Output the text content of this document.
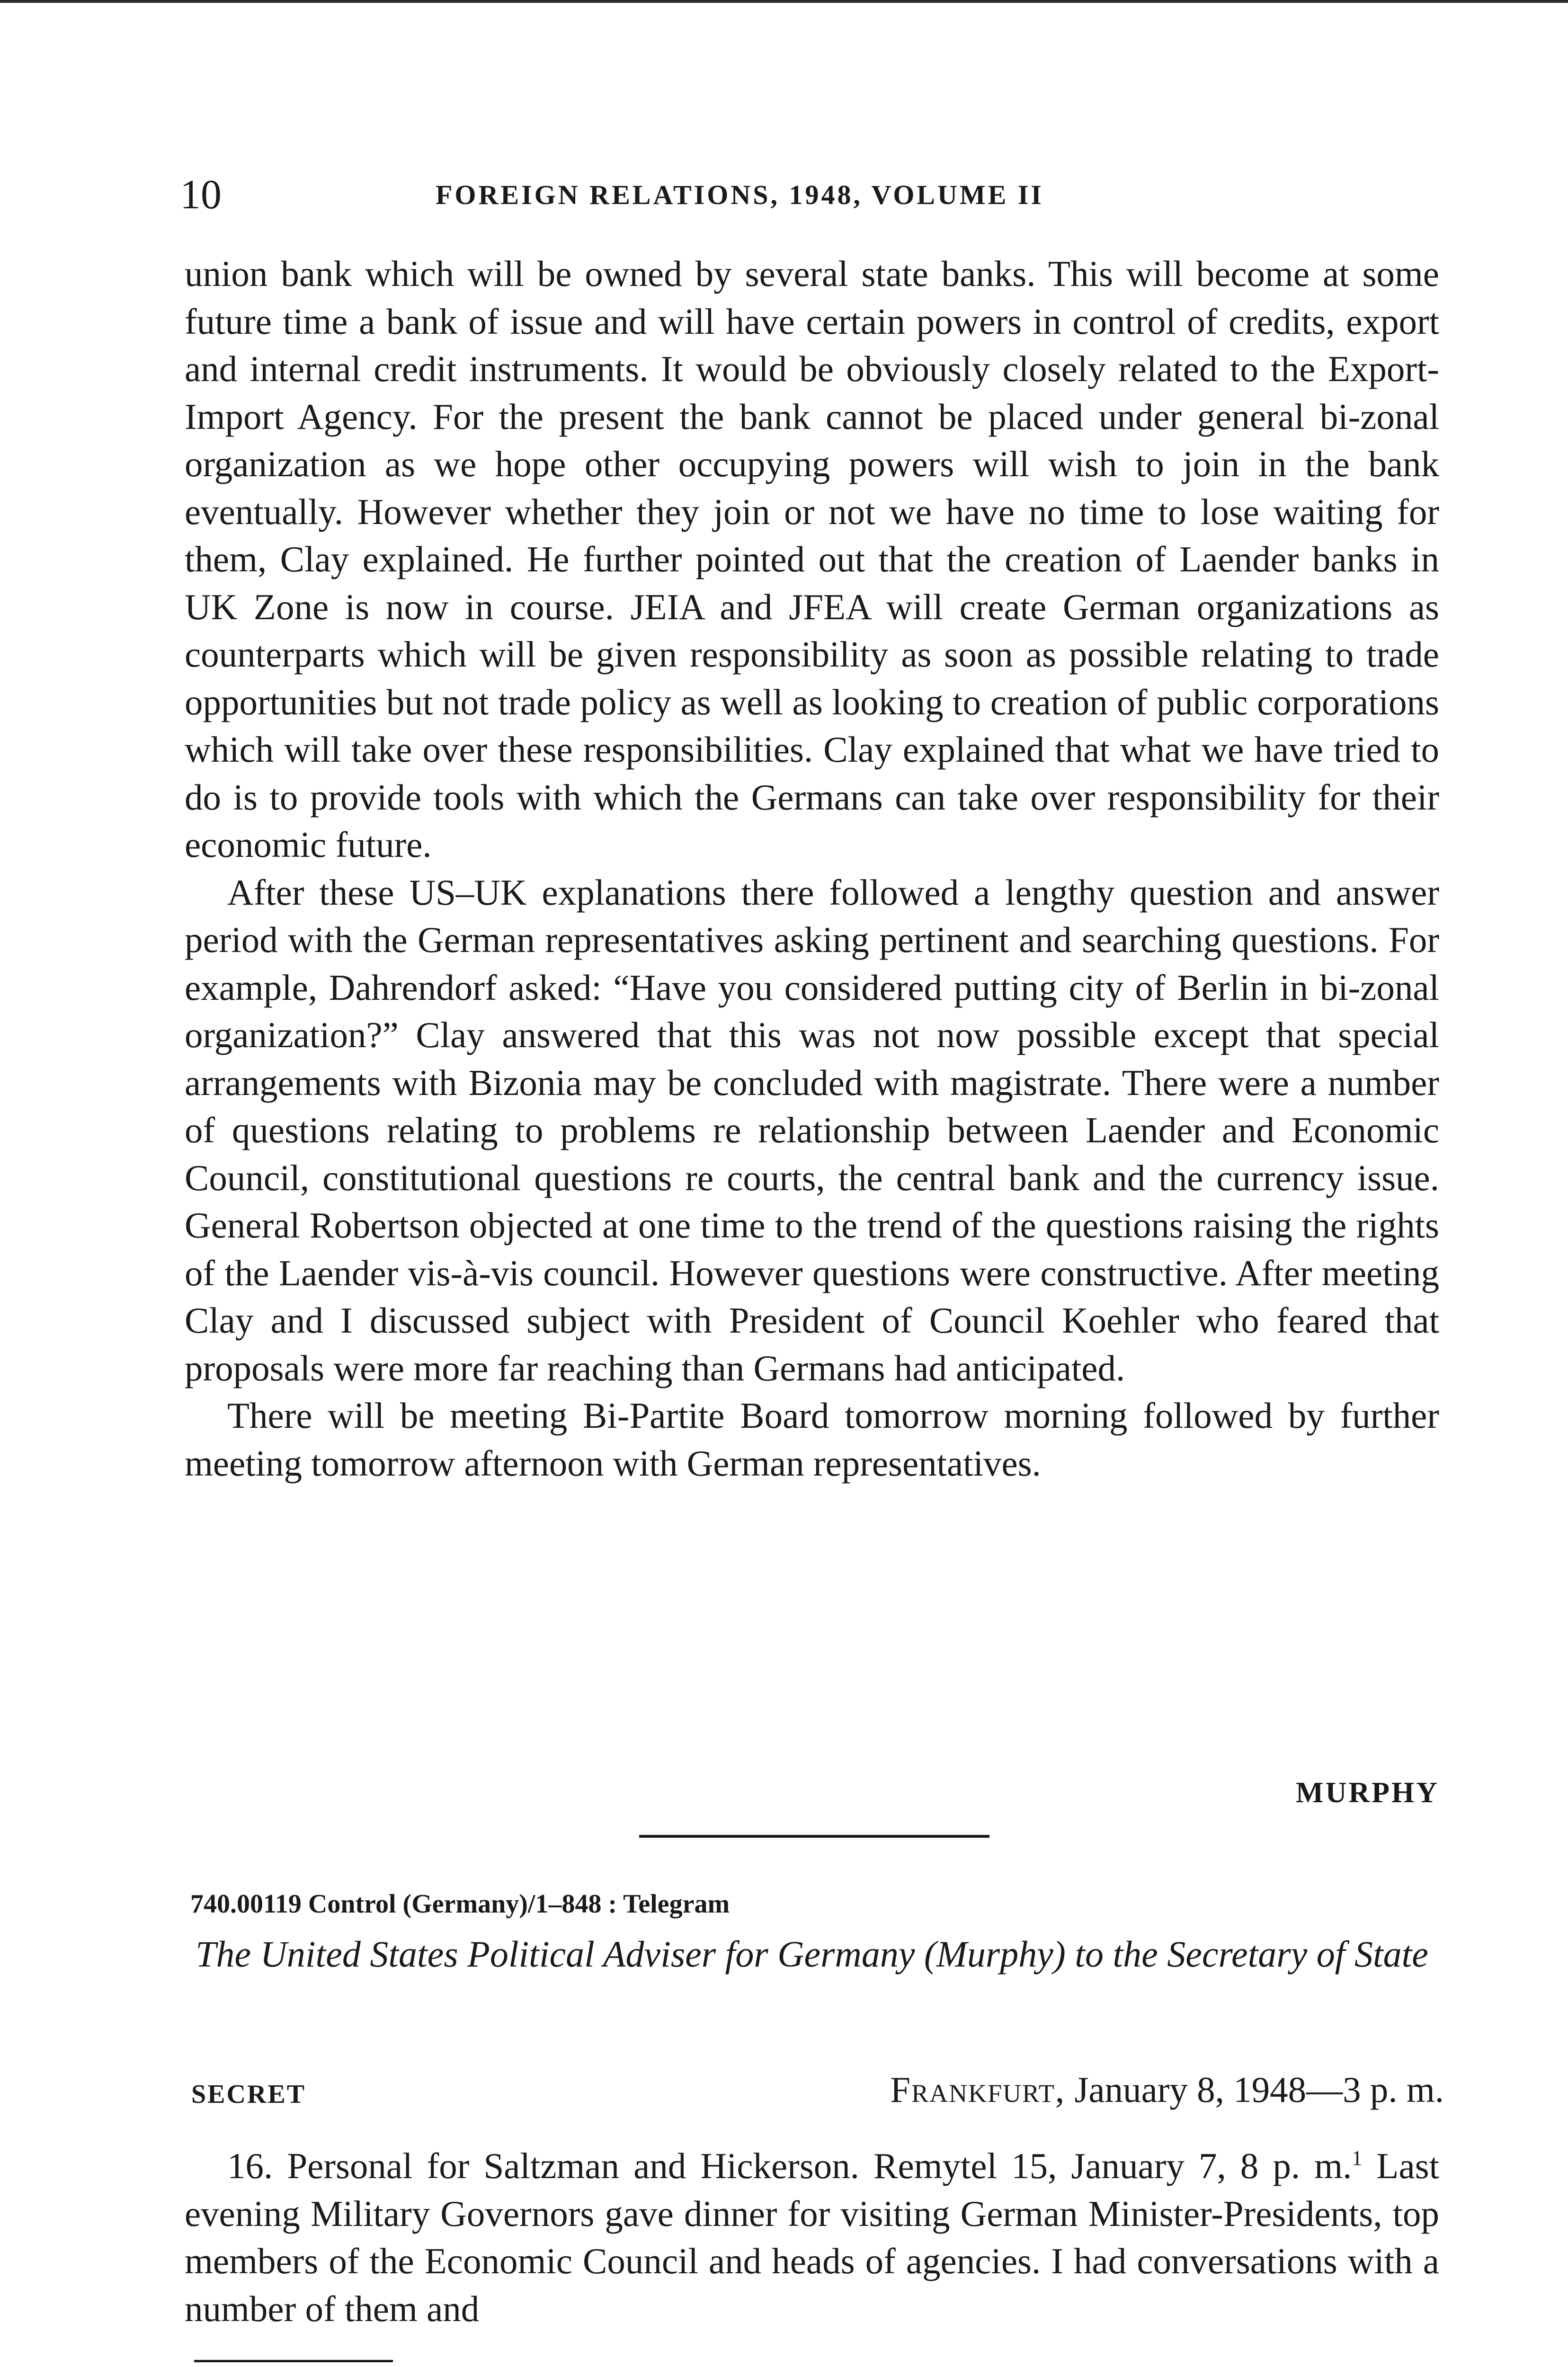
10	FOREIGN RELATIONS, 1948, VOLUME II

union bank which will be owned by several state banks. This will become at some future time a bank of issue and will have certain powers in control of credits, export and internal credit instruments. It would be obviously closely related to the Export-Import Agency. For the present the bank cannot be placed under general bi-zonal organization as we hope other occupying powers will wish to join in the bank eventually. However whether they join or not we have no time to lose waiting for them, Clay explained. He further pointed out that the creation of Laender banks in UK Zone is now in course. JEIA and JFEA will create German organizations as counterparts which will be given responsibility as soon as possible relating to trade opportunities but not trade policy as well as looking to creation of public corporations which will take over these responsibilities. Clay explained that what we have tried to do is to provide tools with which the Germans can take over responsibility for their economic future.

After these US–UK explanations there followed a lengthy question and answer period with the German representatives asking pertinent and searching questions. For example, Dahrendorf asked: “Have you considered putting city of Berlin in bi-zonal organization?” Clay answered that this was not now possible except that special arrangements with Bizonia may be concluded with magistrate. There were a number of questions relating to problems re relationship between Laender and Economic Council, constitutional questions re courts, the central bank and the currency issue. General Robertson objected at one time to the trend of the questions raising the rights of the Laender vis-à-vis council. However questions were constructive. After meeting Clay and I discussed subject with President of Council Koehler who feared that proposals were more far reaching than Germans had anticipated.

There will be meeting Bi-Partite Board tomorrow morning followed by further meeting tomorrow afternoon with German representatives.

MURPHY
740.00119 Control (Germany)/1–848 : Telegram
The United States Political Adviser for Germany (Murphy) to the Secretary of State
SECRET	Frankfurt, January 8, 1948—3 p. m.

16. Personal for Saltzman and Hickerson. Remytel 15, January 7, 8 p. m.$^1$ Last evening Military Governors gave dinner for visiting German Minister-Presidents, top members of the Economic Council and heads of agencies. I had conversations with a number of them and
